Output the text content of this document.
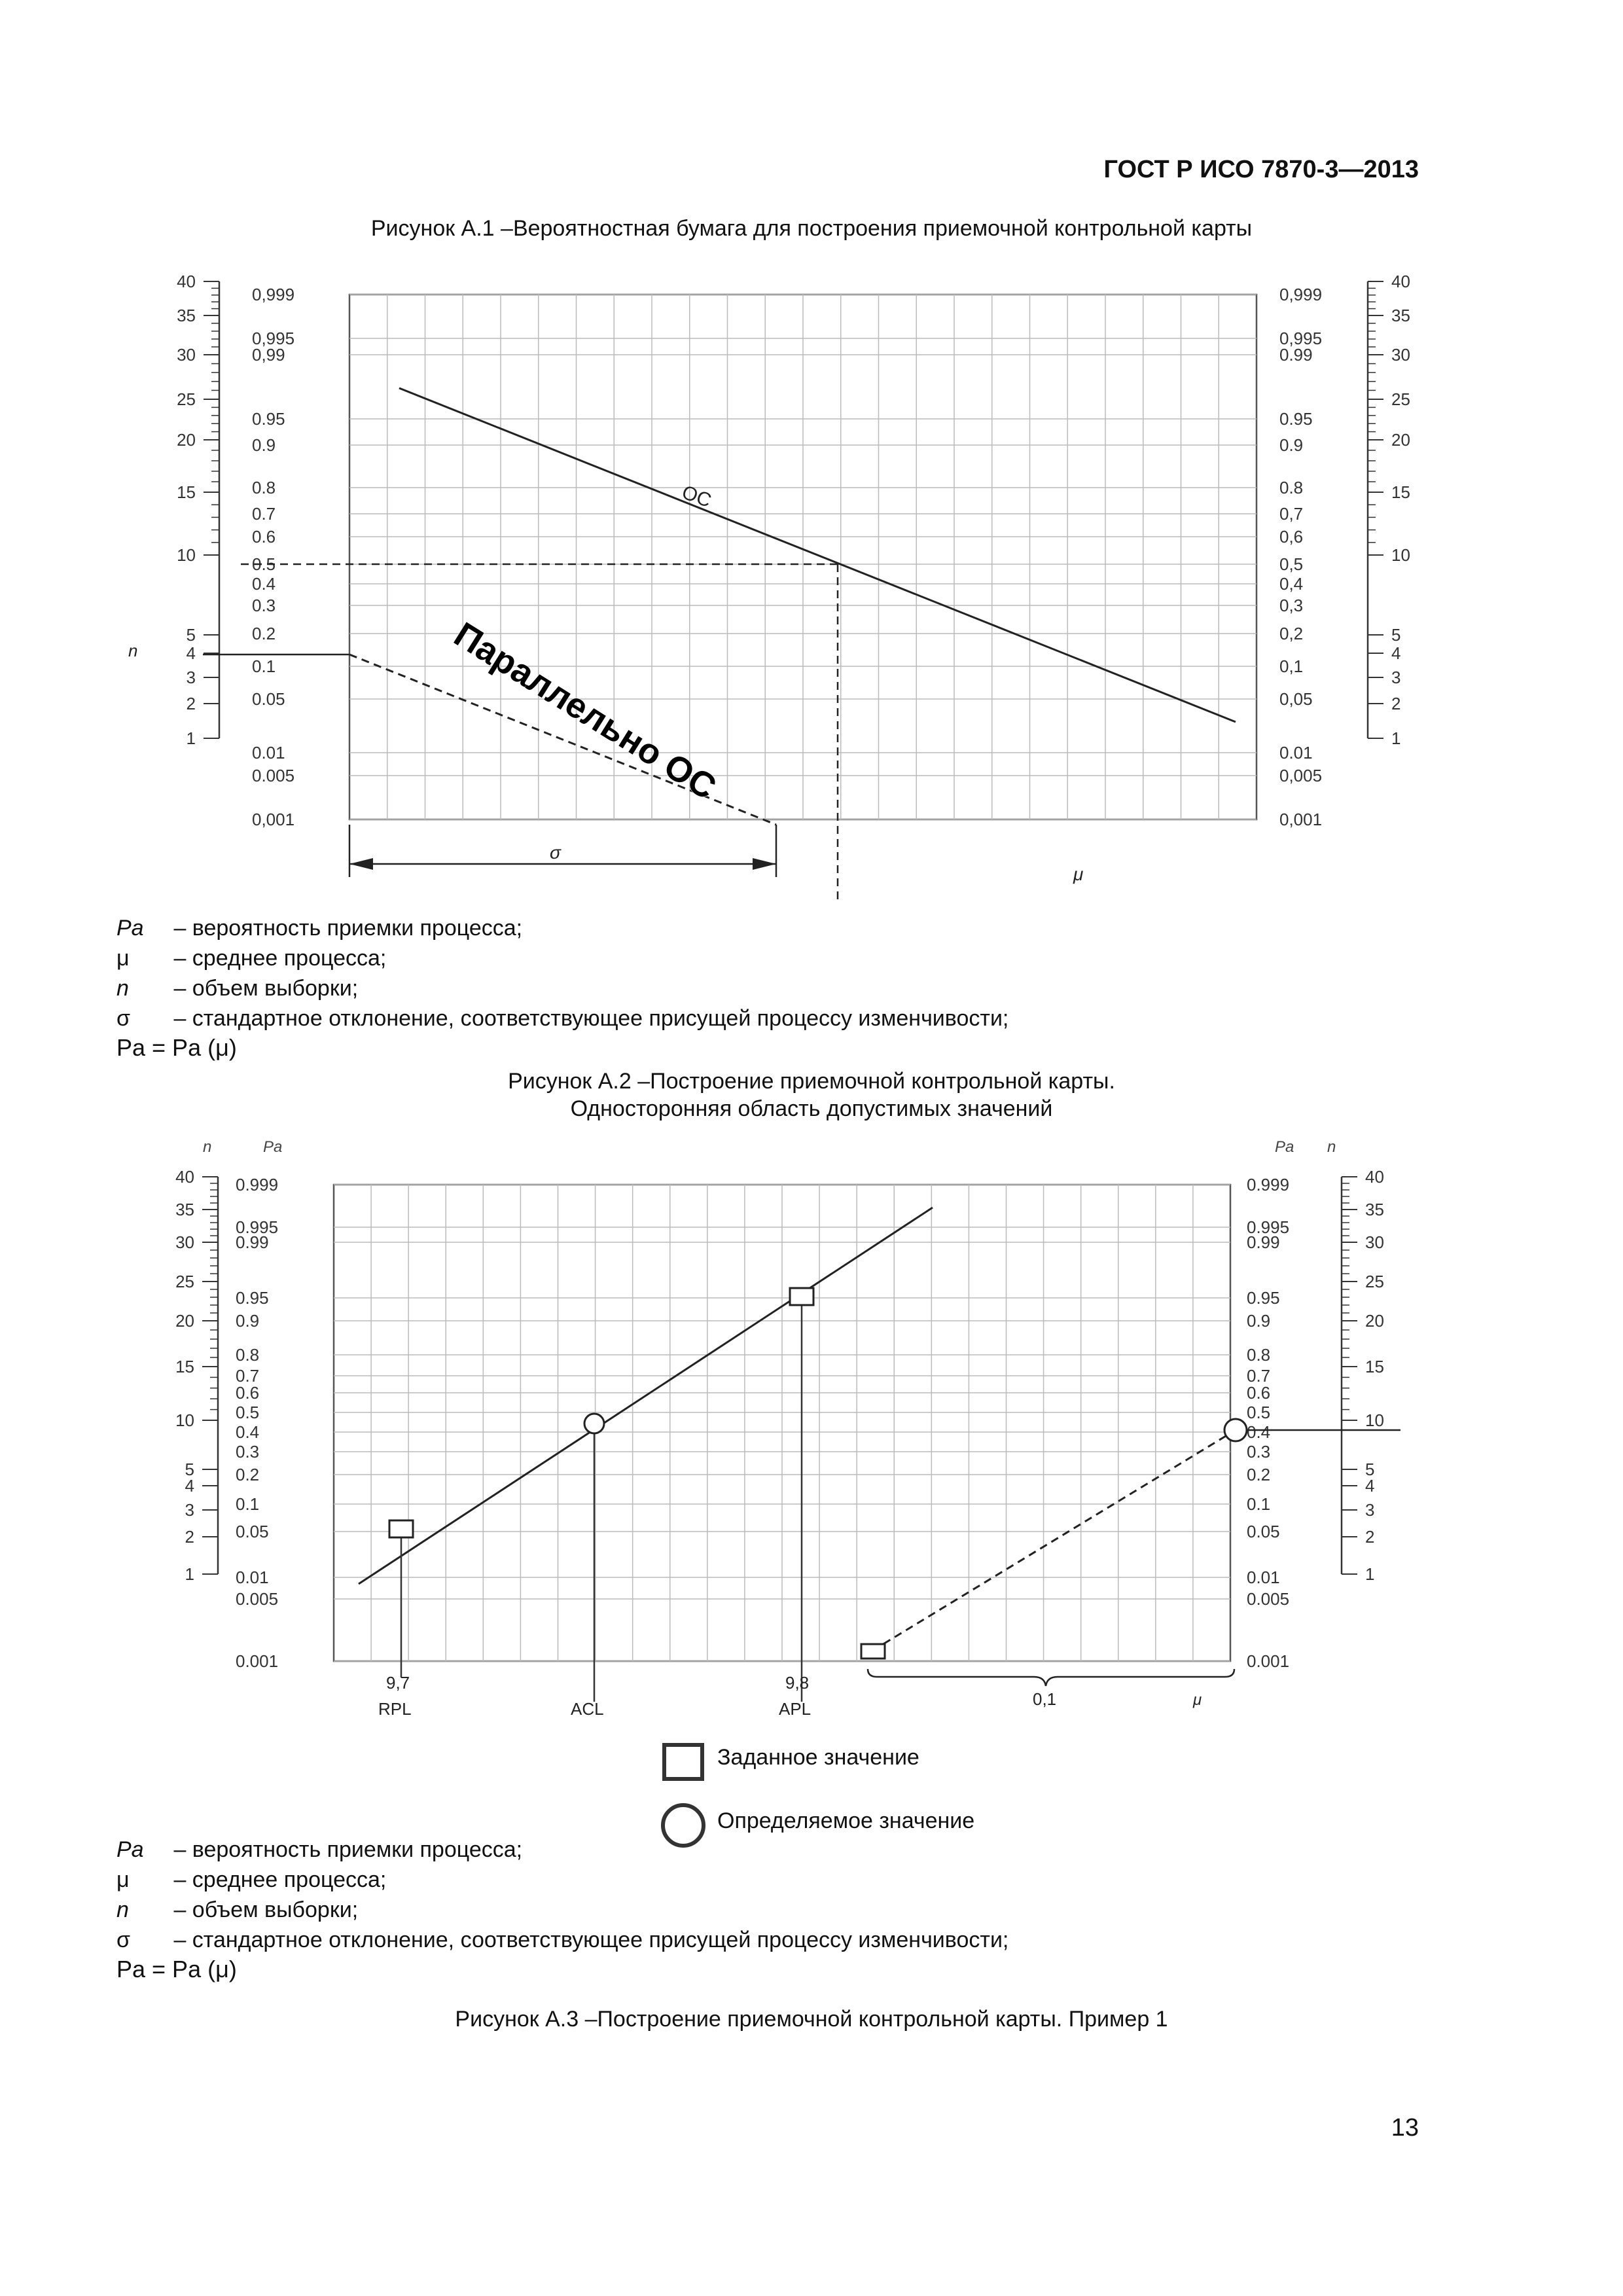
ГОСТ Р ИСО 7870-3—2013
Рисунок А.1 –Вероятностная бумага для построения приемочной контрольной карты
0,999	0,999
0,995	0,995
0,99	0.99
0.95	0.95
0.9	0.9
0.8	0.8
0.7	0,7
0.6	0,6
0.5	0,5
0.4	0,4
0.3	0,3
0.2	0,2
0.1	0,1
0.05	0,05
0.01	0.01
0.005	0,005
0,001	0,001
40	40
35	35
30	30
25	25
20	20
15	15
10	10
5	5
4	4
3	3
2	2
1	1
OC
σ
μ
n	Параллельно ОС
Pa – вероятность приемки процесса;
μ – среднее процесса;
n – объем выборки;
σ – стандартное отклонение, соответствующее присущей процессу изменчивости;
Pa = Pa (μ)
Рисунок А.2 –Построение приемочной контрольной карты.
Односторонняя область допустимых значений
n	Pa	Pa n
0.999	0.999
0.995	0.995
0.99	0.99
0.95	0.95
0.9	0.9
0.8	0.8
0.7	0.7
0.6	0.6
0.5	0.5
0.4	0.4
0.3	0.3
0.2	0.2
0.1	0.1
0.05	0.05
0.01	0.01
0.005	0.005
0.001	0.001
40	40
35	35
30	30
25	25
20	20
15	15
10	10
5	5
4	4
3	3
2	2
1	1
9,7	9,8
RPL	ACL	APL	0,1	μ
Заданное значение
Определяемое значение
Pa – вероятность приемки процесса;
μ – среднее процесса;
n – объем выборки;
σ – стандартное отклонение, соответствующее присущей процессу изменчивости;
Pa = Pa (μ)
Рисунок А.3 –Построение приемочной контрольной карты. Пример 1
13
